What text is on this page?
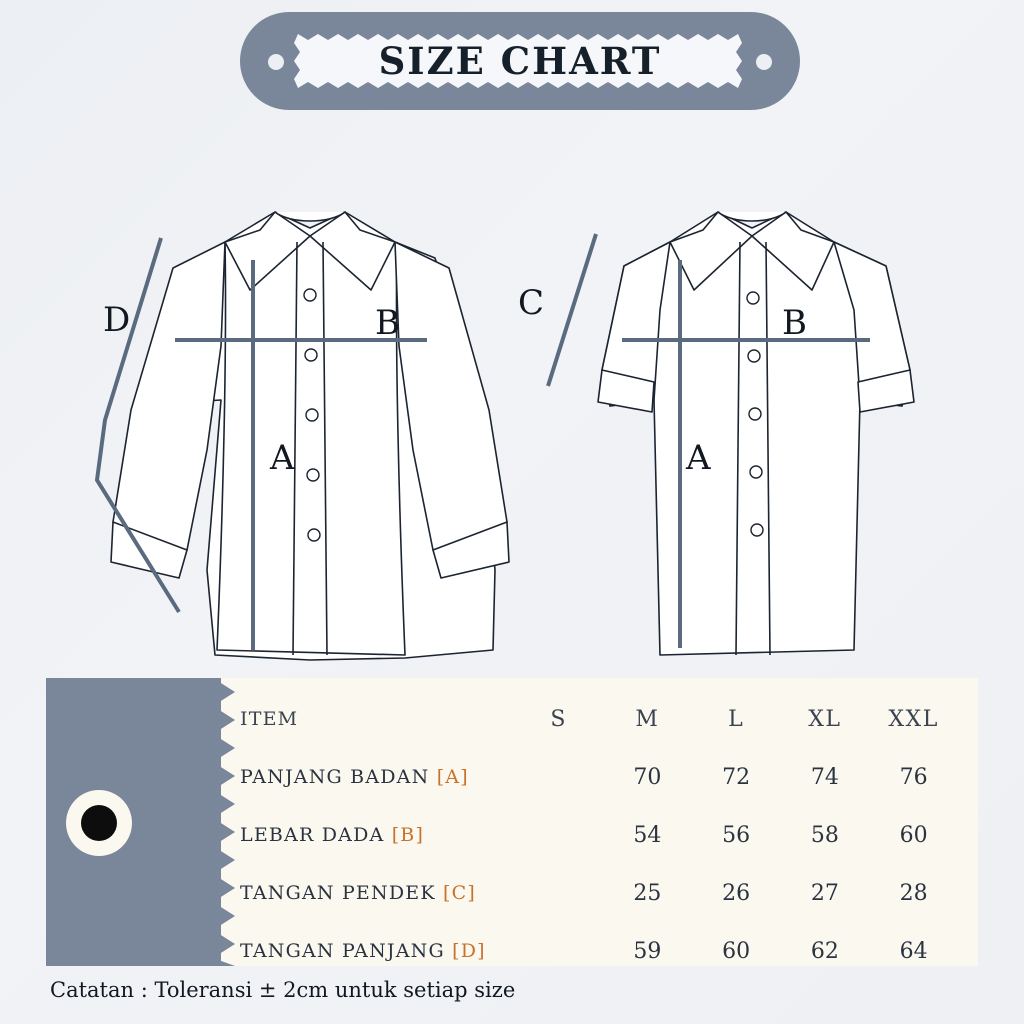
SIZE CHART
D	B
A
C	B
A
ITEM	S	M	L	XL	XXL
PANJANG BADAN [A]		70	72	74	76
LEBAR DADA [B]		54	56	58	60
TANGAN PENDEK [C]		25	26	27	28
TANGAN PANJANG [D]		59	60	62	64
Catatan : Toleransi ± 2cm untuk setiap size
